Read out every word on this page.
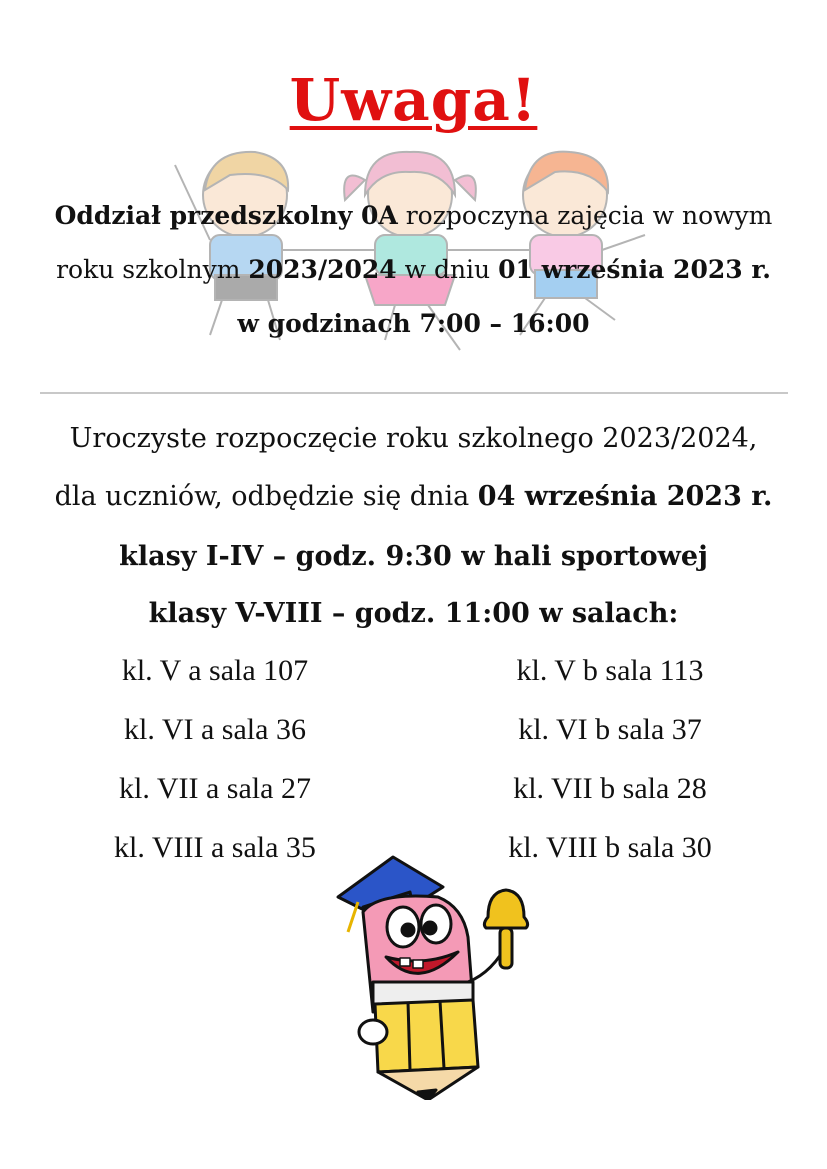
Uwaga!
Oddział przedszkolny 0A rozpoczyna zajęcia w nowym
roku szkolnym 2023/2024 w dniu 01 września 2023 r.
w godzinach 7:00 – 16:00
Uroczyste rozpoczęcie roku szkolnego 2023/2024,
dla uczniów, odbędzie się dnia 04 września 2023 r.
klasy I-IV – godz. 9:30 w hali sportowej
klasy V-VIII – godz. 11:00 w salach:
kl. V a sala 107	kl. V b sala 113
kl. VI a sala 36	kl. VI b sala 37
kl. VII a sala 27	kl. VII b sala 28
kl. VIII a sala 35	kl. VIII b sala 30
